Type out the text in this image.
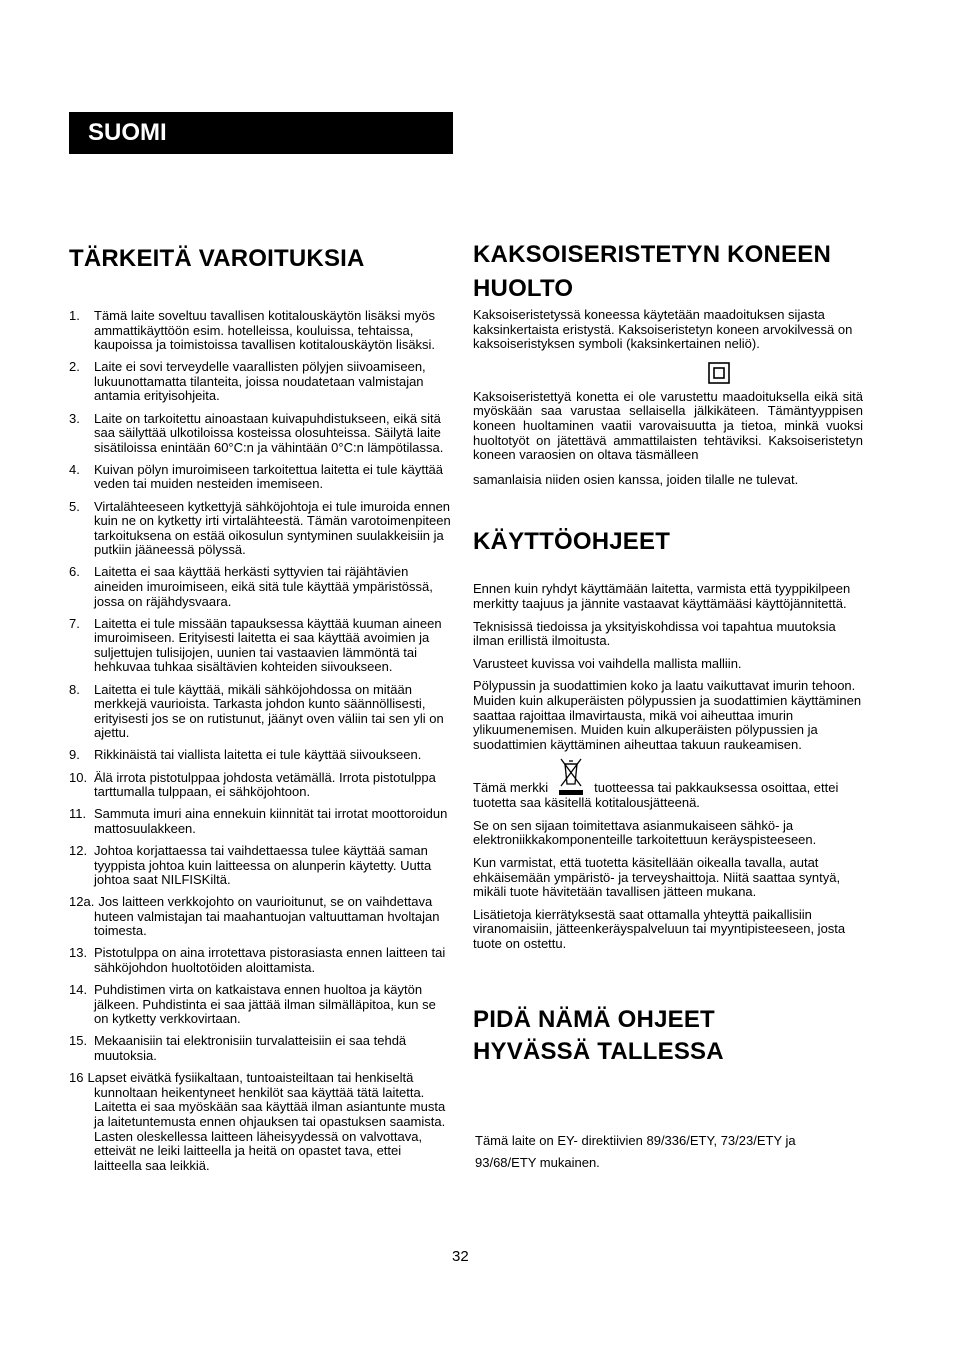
SUOMI
TÄRKEITÄ VAROITUKSIA
1. Tämä laite soveltuu tavallisen kotitalouskäytön lisäksi myös ammattikäyttöön esim. hotelleissa, kouluissa, tehtaissa, kaupoissa ja toimistoissa tavallisen kotitalouskäytön lisäksi.
2. Laite ei sovi terveydelle vaarallisten pölyjen siivoamiseen, lukuunottamatta tilanteita, joissa noudatetaan valmistajan antamia erityisohjeita.
3. Laite on tarkoitettu ainoastaan kuivapuhdistukseen, eikä sitä saa säilyttää ulkotiloissa kosteissa olosuhteissa. Säilytä laite sisätiloissa enintään 60°C:n ja vähintään 0°C:n lämpötilassa.
4. Kuivan pölyn imuroimiseen tarkoitettua laitetta ei tule käyttää veden tai muiden nesteiden imemiseen.
5. Virtalähteeseen kytkettyjä sähköjohtoja ei tule imuroida ennen kuin ne on kytketty irti virtalähteestä. Tämän varotoimenpiteen tarkoituksena on estää oikosulun syntyminen suulakkeisiin ja putkiin jääneessä pölyssä.
6. Laitetta ei saa käyttää herkästi syttyvien tai räjähtävien aineiden imuroimiseen, eikä sitä tule käyttää ympäristössä, jossa on räjähdysvaara.
7. Laitetta ei tule missään tapauksessa käyttää kuuman aineen imuroimiseen. Erityisesti laitetta ei saa käyttää avoimien ja suljettujen tulisijojen, uunien tai vastaavien lämmöntä tai hehkuvaa tuhkaa sisältävien kohteiden siivoukseen.
8. Laitetta ei tule käyttää, mikäli sähköjohdossa on mitään merkkejä vaurioista. Tarkasta johdon kunto säännöllisesti, erityisesti jos se on rutistunut, jäänyt oven väliin tai sen yli on ajettu.
9. Rikkinäistä tai viallista laitetta ei tule käyttää siivoukseen.
10. Älä irrota pistotulppaa johdosta vetämällä. Irrota pistotulppa tarttumalla tulppaan, ei sähköjohtoon.
11. Sammuta imuri aina ennekuin kiinnität tai irrotat moottoroidun mattosuulakkeen.
12. Johtoa korjattaessa tai vaihdettaessa tulee käyttää saman tyyppista johtoa kuin laitteessa on alunperin käytetty. Uutta johtoa saat NILFISKiltä.
12a. Jos laitteen verkkojohto on vaurioitunut, se on vaihdettava huteen valmistajan tai maahantuojan valtuuttaman hvoltajan toimesta.
13. Pistotulppa on aina irrotettava pistorasiasta ennen laitteen tai sähköjohdon huoltotöiden aloittamista.
14. Puhdistimen virta on katkaistava ennen huoltoa ja käytön jälkeen. Puhdistinta ei saa jättää ilman silmälläpitoa, kun se on kytketty verkkovirtaan.
15. Mekaanisiin tai elektronisiin turvalatteisiin ei saa tehdä muutoksia.
16 Lapset eivätkä fysiikaltaan, tuntoaisteiltaan tai henkiseltä kunnoltaan heikentyneet henkilöt saa käyttää tätä laitetta. Laitetta ei saa myöskään saa käyttää ilman asiantunte musta ja laitetuntemusta ennen ohjauksen tai opastuksen saamista. Lasten oleskellessa laitteen läheisyydessä on valvottava, etteivät ne leiki laitteella ja heitä on opastet tava, ettei laitteella saa leikkiä.
KAKSOISERISTETYN KONEEN HUOLTO

Kaksoiseristetyssä koneessa käytetään maadoituksen sijasta kaksinkertaista eristystä. Kaksoiseristetyn koneen arvokilvessä on kaksoiseristyksen symboli (kaksinkertainen neliö).

Kaksoiseristettyä konetta ei ole varustettu maadoituksella eikä sitä myöskään saa varustaa sellaisella jälkikäteen. Tämäntyyppisen koneen huoltaminen vaatii varovaisuutta ja tietoa, minkä vuoksi huoltotyöt on jätettävä ammattilaisten tehtäviksi. Kaksoiseristetyn koneen varaosien on oltava täsmälleen

samanlaisia niiden osien kanssa, joiden tilalle ne tulevat.

KÄYTTÖOHJEET

Ennen kuin ryhdyt käyttämään laitetta, varmista että tyyppikilpeen merkitty taajuus ja jännite vastaavat käyttämääsi käyttöjännitettä.

Teknisissä tiedoissa ja yksityiskohdissa voi tapahtua muutoksia ilman erillistä ilmoitusta.

Varusteet kuvissa voi vaihdella mallista malliin.

Pölypussin ja suodattimien koko ja laatu vaikuttavat imurin tehoon. Muiden kuin alkuperäisten pölypussien ja suodattimien käyttäminen saattaa rajoittaa ilmavirtausta, mikä voi aiheuttaa imurin ylikuumenemisen. Muiden kuin alkuperäisten pölypussien ja suodattimien käyttäminen aiheuttaa takuun raukeamisen.

Tämä merkki	tuotteessa tai pakkauksessa osoittaa, ettei tuotetta saa käsitellä kotitalousjätteenä.

Se on sen sijaan toimitettava asianmukaiseen sähkö- ja elektroniikkakomponenteille tarkoitettuun keräyspisteeseen.

Kun varmistat, että tuotetta käsitellään oikealla tavalla, autat ehkäisemään ympäristö- ja terveyshaittoja. Niitä saattaa syntyä, mikäli tuote hävitetään tavallisen jätteen mukana.

Lisätietoja kierrätyksestä saat ottamalla yhteyttä paikallisiin viranomaisiin, jätteenkeräyspalveluun tai myyntipisteeseen, josta tuote on ostettu.

PIDÄ NÄMÄ OHJEET HYVÄSSÄ TALLESSA

Tämä laite on EY- direktiivien 89/336/ETY, 73/23/ETY ja 93/68/ETY mukainen.

32
